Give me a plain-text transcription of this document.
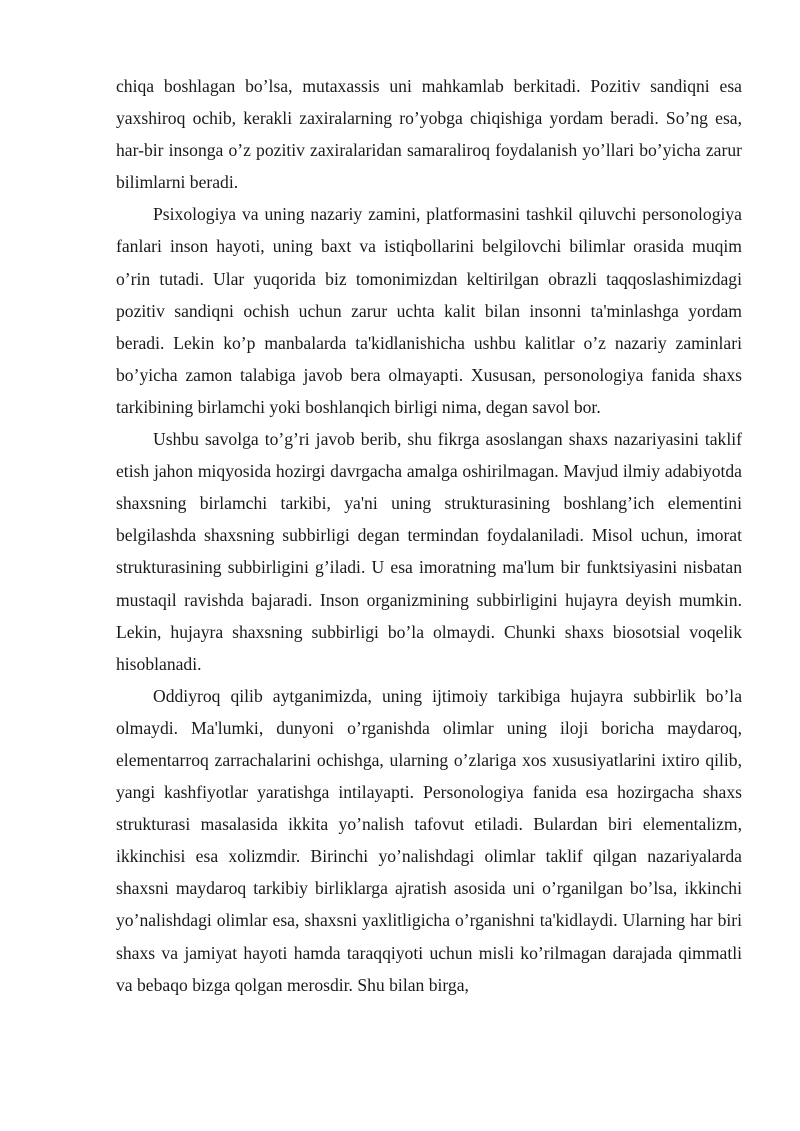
chiqa boshlagan bo’lsa, mutaxassis uni mahkamlab berkitadi. Pozitiv sandiqni esa yaxshiroq ochib, kerakli zaxiralarning ro’yobga chiqishiga yordam beradi. So’ng esa, har-bir insonga o’z pozitiv zaxiralaridan samaraliroq foydalanish yo’llari bo’yicha zarur bilimlarni beradi.

Psixologiya va uning nazariy zamini, platformasini tashkil qiluvchi personologiya fanlari inson hayoti, uning baxt va istiqbollarini belgilovchi bilimlar orasida muqim o’rin tutadi. Ular yuqorida biz tomonimizdan keltirilgan obrazli taqqoslashimizdagi pozitiv sandiqni ochish uchun zarur uchta kalit bilan insonni ta'minlashga yordam beradi. Lekin ko’p manbalarda ta'kidlanishicha ushbu kalitlar o’z nazariy zaminlari bo’yicha zamon talabiga javob bera olmayapti. Xususan, personologiya fanida shaxs tarkibining birlamchi yoki boshlanqich birligi nima, degan savol bor.

Ushbu savolga to’g’ri javob berib, shu fikrga asoslangan shaxs nazariyasini taklif etish jahon miqyosida hozirgi davrgacha amalga oshirilmagan. Mavjud ilmiy adabiyotda shaxsning birlamchi tarkibi, ya'ni uning strukturasining boshlang’ich elementini belgilashda shaxsning subbirligi degan termindan foydalaniladi. Misol uchun, imorat strukturasining subbirligini g’iladi. U esa imoratning ma'lum bir funktsiyasini nisbatan mustaqil ravishda bajaradi. Inson organizmining subbirligini hujayra deyish mumkin. Lekin, hujayra shaxsning subbirligi bo’la olmaydi. Chunki shaxs biosotsial voqelik hisoblanadi.

Oddiyroq qilib aytganimizda, uning ijtimoiy tarkibiga hujayra subbirlik bo’la olmaydi. Ma'lumki, dunyoni o’rganishda olimlar uning iloji boricha maydaroq, elementarroq zarrachalarini ochishga, ularning o’zlariga xos xususiyatlarini ixtiro qilib, yangi kashfiyotlar yaratishga intilayapti. Personologiya fanida esa hozirgacha shaxs strukturasi masalasida ikkita yo’nalish tafovut etiladi. Bulardan biri elementalizm, ikkinchisi esa xolizmdir. Birinchi yo’nalishdagi olimlar taklif qilgan nazariyalarda shaxsni maydaroq tarkibiy birliklarga ajratish asosida uni o’rganilgan bo’lsa, ikkinchi yo’nalishdagi olimlar esa, shaxsni yaxlitligicha o’rganishni ta'kidlaydi. Ularning har biri shaxs va jamiyat hayoti hamda taraqqiyoti uchun misli ko’rilmagan darajada qimmatli va bebaqo bizga qolgan merosdir. Shu bilan birga,
